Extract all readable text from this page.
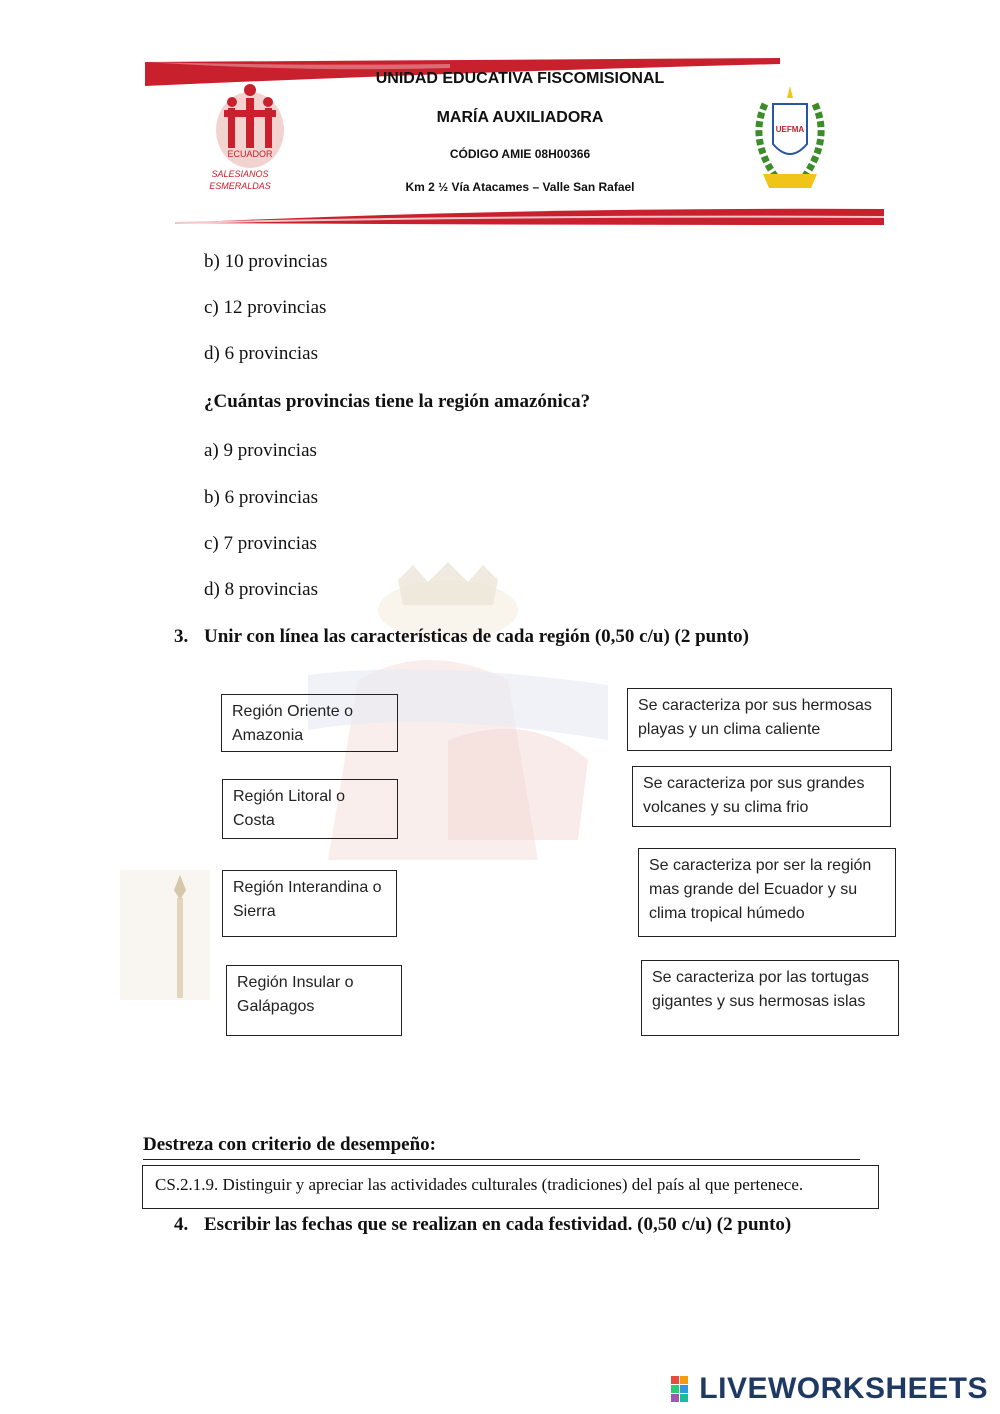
ECUADOR
SALESIANOS
ESMERALDAS
UNIDAD EDUCATIVA FISCOMISIONAL
MARÍA AUXILIADORA
CÓDIGO AMIE 08H00366
Km 2 ½ Vía Atacames – Valle San Rafael
UEFMA
b) 10 provincias
c) 12 provincias
d) 6 provincias
¿Cuántas provincias tiene la región amazónica?
a) 9 provincias
b) 6 provincias
c) 7 provincias
d) 8 provincias
3. Unir con línea las características de cada región (0,50 c/u) (2 punto)
Región Oriente o Amazonia
Región Litoral o Costa
Región Interandina o Sierra
Región Insular o Galápagos
Se caracteriza por sus hermosas playas y un clima caliente
Se caracteriza por sus grandes volcanes y su clima frio
Se caracteriza por ser la región mas grande del Ecuador y su clima tropical húmedo
Se caracteriza por las tortugas gigantes y sus hermosas islas
Destreza con criterio de desempeño:
CS.2.1.9. Distinguir y apreciar las actividades culturales (tradiciones) del país al que pertenece.
4. Escribir las fechas que se realizan en cada festividad. (0,50 c/u) (2 punto)
LIVEWORKSHEETS
